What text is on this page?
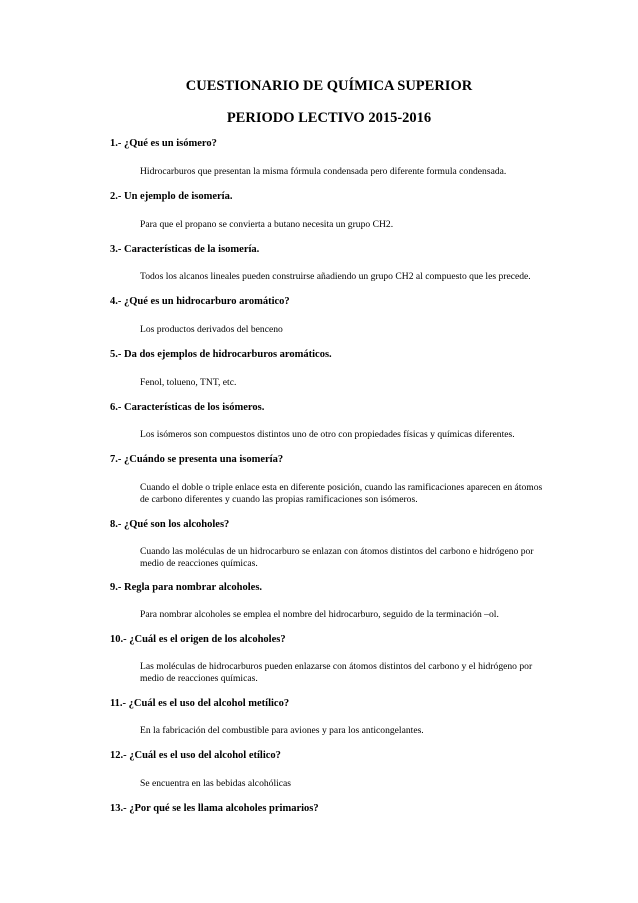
CUESTIONARIO DE QUÍMICA SUPERIOR
PERIODO LECTIVO 2015-2016
1.- ¿Qué es un isómero?
Hidrocarburos que presentan la misma fórmula condensada pero diferente formula condensada.
2.- Un ejemplo de isomería.
Para que el propano se convierta a butano necesita un grupo CH2.
3.- Características de la isomería.
Todos los alcanos lineales pueden construirse añadiendo un grupo CH2 al compuesto que les precede.
4.- ¿Qué es un hidrocarburo aromático?
Los productos derivados del benceno
5.- Da dos ejemplos de hidrocarburos aromáticos.
Fenol, tolueno, TNT, etc.
6.- Características de los isómeros.
Los isómeros son compuestos distintos uno de otro con propiedades físicas y químicas diferentes.
7.- ¿Cuándo se presenta una isomería?
Cuando el doble o triple enlace esta en diferente posición, cuando las ramificaciones aparecen en átomos de carbono diferentes y cuando las propias ramificaciones son isómeros.
8.- ¿Qué son los alcoholes?
Cuando las moléculas de un hidrocarburo se enlazan con átomos distintos del carbono e hidrógeno por medio de reacciones químicas.
9.- Regla para nombrar alcoholes.
Para nombrar alcoholes se emplea el nombre del hidrocarburo, seguido de la terminación –ol.
10.- ¿Cuál es el origen de los alcoholes?
Las moléculas de hidrocarburos pueden enlazarse con átomos distintos del carbono y el hidrógeno por medio de reacciones químicas.
11.- ¿Cuál es el uso del alcohol metílico?
En la fabricación del combustible para aviones y para los anticongelantes.
12.- ¿Cuál es el uso del alcohol etílico?
Se encuentra en las bebidas alcohólicas
13.- ¿Por qué se les llama alcoholes primarios?
